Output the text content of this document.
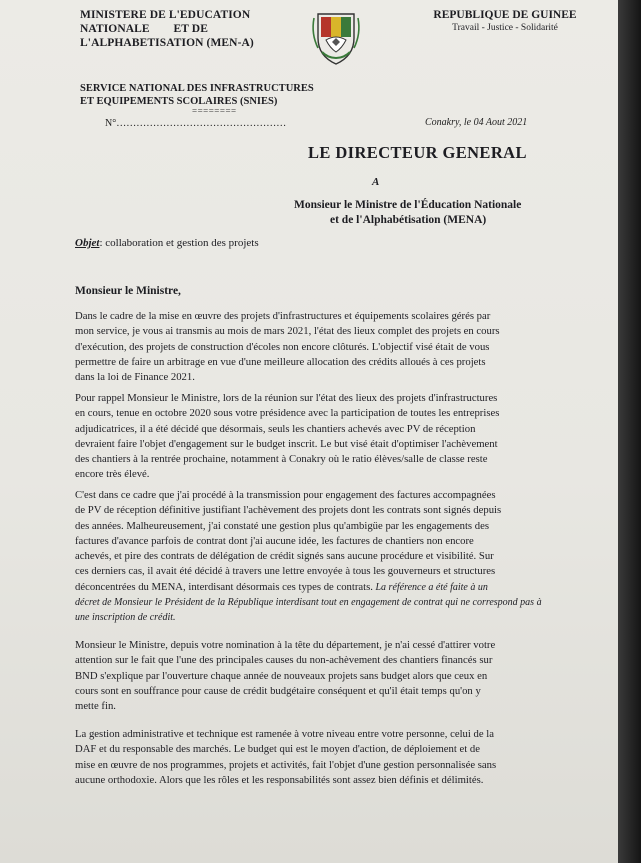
MINISTERE DE L'EDUCATION
NATIONALE        ET DE
L'ALPHABETISATION (MEN-A)
REPUBLIQUE DE GUINEE
Travail - Justice - Solidarité
SERVICE NATIONAL DES INFRASTRUCTURES
ET EQUIPEMENTS SCOLAIRES (SNIES)
========
N°……………………………………………	Conakry, le 04 Aout 2021
LE DIRECTEUR GENERAL
A
Monsieur le Ministre de l'Éducation Nationale
et de l'Alphabétisation (MENA)
Objet: collaboration et gestion des projets
Monsieur le Ministre,
Dans le cadre de la mise en œuvre des projets d'infrastructures et équipements scolaires gérés par
mon service, je vous ai transmis au mois de mars 2021, l'état des lieux complet des projets en cours
d'exécution, des projets de construction d'écoles non encore clôturés. L'objectif visé était de vous
permettre de faire un arbitrage en vue d'une meilleure allocation des crédits alloués à ces projets
dans la loi de Finance 2021.
Pour rappel Monsieur le Ministre, lors de la réunion sur l'état des lieux des projets d'infrastructures
en cours, tenue en octobre 2020 sous votre présidence avec la participation de toutes les entreprises
adjudicatrices, il a été décidé que désormais, seuls les chantiers achevés avec PV de réception
devraient faire l'objet d'engagement sur le budget inscrit. Le but visé était d'optimiser l'achèvement
des chantiers à la rentrée prochaine, notamment à Conakry où le ratio élèves/salle de classe reste
encore très élevé.
C'est dans ce cadre que j'ai procédé à la transmission pour engagement des factures accompagnées
de PV de réception définitive justifiant l'achèvement des projets dont les contrats sont signés depuis
des années. Malheureusement, j'ai constaté une gestion plus qu'ambigüe par les engagements des
factures d'avance parfois de contrat dont j'ai aucune idée, les factures de chantiers non encore
achevés, et pire des contrats de délégation de crédit signés sans aucune procédure et visibilité. Sur
ces derniers cas, il avait été décidé à travers une lettre envoyée à tous les gouverneurs et structures
déconcentrées du MENA, interdisant désormais ces types de contrats. La référence a été faite à un
décret de Monsieur le Président de la République interdisant tout en engagement de contrat qui ne correspond pas à
une inscription de crédit.
Monsieur le Ministre, depuis votre nomination à la tête du département, je n'ai cessé d'attirer votre
attention sur le fait que l'une des principales causes du non-achèvement des chantiers financés sur
BND s'explique par l'ouverture chaque année de nouveaux projets sans budget alors que ceux en
cours sont en souffrance pour cause de crédit budgétaire conséquent et qu'il était temps qu'on y
mette fin.
La gestion administrative et technique est ramenée à votre niveau entre votre personne, celui de la
DAF et du responsable des marchés. Le budget qui est le moyen d'action, de déploiement et de
mise en œuvre de nos programmes, projets et activités, fait l'objet d'une gestion personnalisée sans
aucune orthodoxie. Alors que les rôles et les responsabilités sont assez bien définis et délimités.
